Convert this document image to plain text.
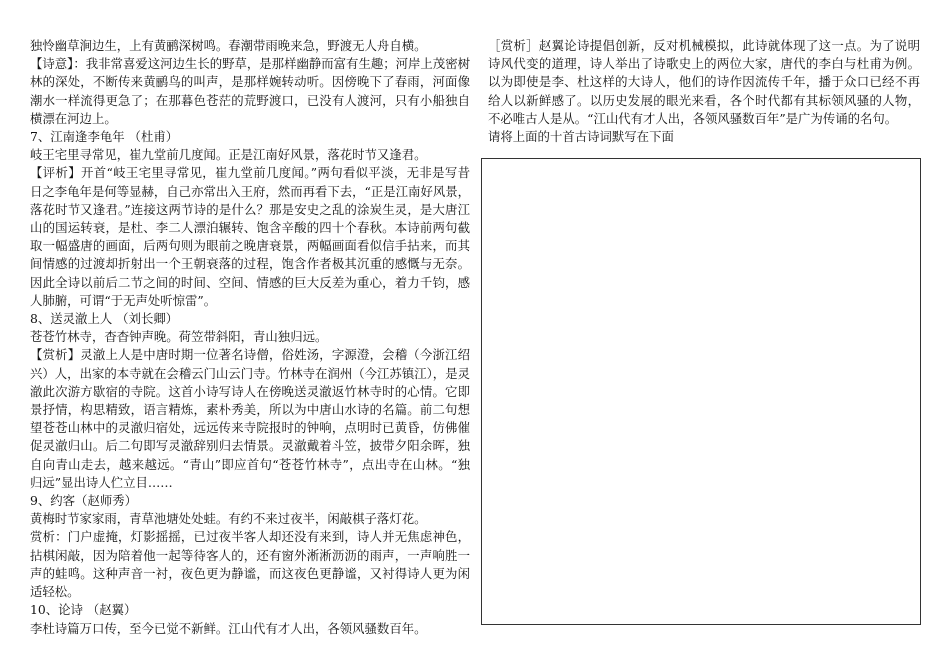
独怜幽草涧边生，上有黄鹂深树鸣。春潮带雨晚来急，野渡无人舟自横。

【诗意】：我非常喜爱这河边生长的野草，是那样幽静而富有生趣；河岸上茂密树林的深处，不断传来黄鹂鸟的叫声，是那样婉转动听。因傍晚下了春雨，河面像潮水一样流得更急了；在那暮色苍茫的荒野渡口，已没有人渡河，只有小船独自横漂在河边上。

7、江南逢李龟年 （杜甫）

岐王宅里寻常见，崔九堂前几度闻。正是江南好风景，落花时节又逢君。

【评析】开首“岐王宅里寻常见，崔九堂前几度闻。”两句看似平淡，无非是写昔日之李龟年是何等显赫，自己亦常出入王府，然而再看下去，“正是江南好风景，落花时节又逢君。”连接这两节诗的是什么？那是安史之乱的涂炭生灵，是大唐江山的国运转衰，是杜、李二人漂泊辗转、饱含辛酸的四十个春秋。本诗前两句截取一幅盛唐的画面，后两句则为眼前之晚唐衰景，两幅画面看似信手拈来，而其间情感的过渡却折射出一个王朝衰落的过程，饱含作者极其沉重的感慨与无奈。因此全诗以前后二节之间的时间、空间、情感的巨大反差为重心，着力千钧，感人肺腑，可谓“于无声处听惊雷”。

8、送灵澈上人 （刘长卿）

苍苍竹林寺，杳杳钟声晚。荷笠带斜阳，青山独归远。

【赏析】灵澈上人是中唐时期一位著名诗僧，俗姓汤，字源澄，会稽（今浙江绍兴）人，出家的本寺就在会稽云门山云门寺。竹林寺在润州（今江苏镇江），是灵澈此次游方歇宿的寺院。这首小诗写诗人在傍晚送灵澈返竹林寺时的心情。它即景抒情，构思精致，语言精炼，素朴秀美，所以为中唐山水诗的名篇。前二句想望苍苍山林中的灵澈归宿处，远远传来寺院报时的钟响，点明时已黄昏，仿佛催促灵澈归山。后二句即写灵澈辞别归去情景。灵澈戴着斗笠，披带夕阳余晖，独自向青山走去，越来越远。“青山”即应首句“苍苍竹林寺”，点出寺在山林。“独归远”显出诗人伫立目……

9、约客（赵师秀）

黄梅时节家家雨，青草池塘处处蛙。有约不来过夜半，闲敲棋子落灯花。

赏析：门户虚掩，灯影摇摇，已过夜半客人却还没有来到，诗人并无焦虑神色，拈棋闲敲，因为陪着他一起等待客人的，还有窗外淅淅沥沥的雨声，一声响胜一声的蛙鸣。这种声音一衬，夜色更为静谧，而这夜色更静谧，又衬得诗人更为闲适轻松。

10、论诗 （赵翼）

李杜诗篇万口传，至今已觉不新鲜。江山代有才人出，各领风骚数百年。

［赏析］赵翼论诗提倡创新，反对机械模拟，此诗就体现了这一点。为了说明诗风代变的道理，诗人举出了诗歌史上的两位大家，唐代的李白与杜甫为例。以为即使是李、杜这样的大诗人，他们的诗作因流传千年，播于众口已经不再给人以新鲜感了。以历史发展的眼光来看，各个时代都有其标领风骚的人物，不必唯古人是从。“江山代有才人出，各领风骚数百年”是广为传诵的名句。

请将上面的十首古诗词默写在下面
